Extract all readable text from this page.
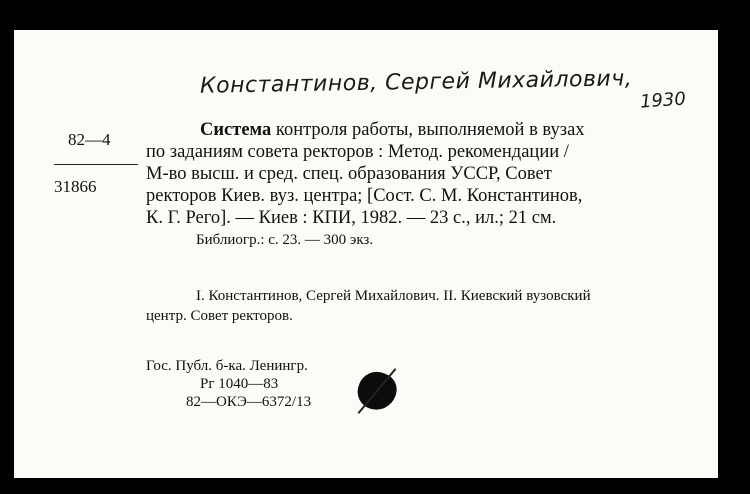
Константинов, Сергей Михайлович,
1930
82—4
31866
Система контроля работы, выполняемой в вузах
по заданиям совета ректоров : Метод. рекомендации /
М-во высш. и сред. спец. образования УССР, Совет
ректоров Киев. вуз. центра; [Сост. С. М. Константинов,
К. Г. Рего]. — Киев : КПИ, 1982. — 23 с., ил.; 21 см.
Библиогр.: с. 23. — 300 экз.
I. Константинов, Сергей Михайлович. II. Киевский вузовский
центр. Совет ректоров.
Гос. Публ. б-ка. Ленингр.
Рг 1040—83
82—ОКЭ—6372/13
